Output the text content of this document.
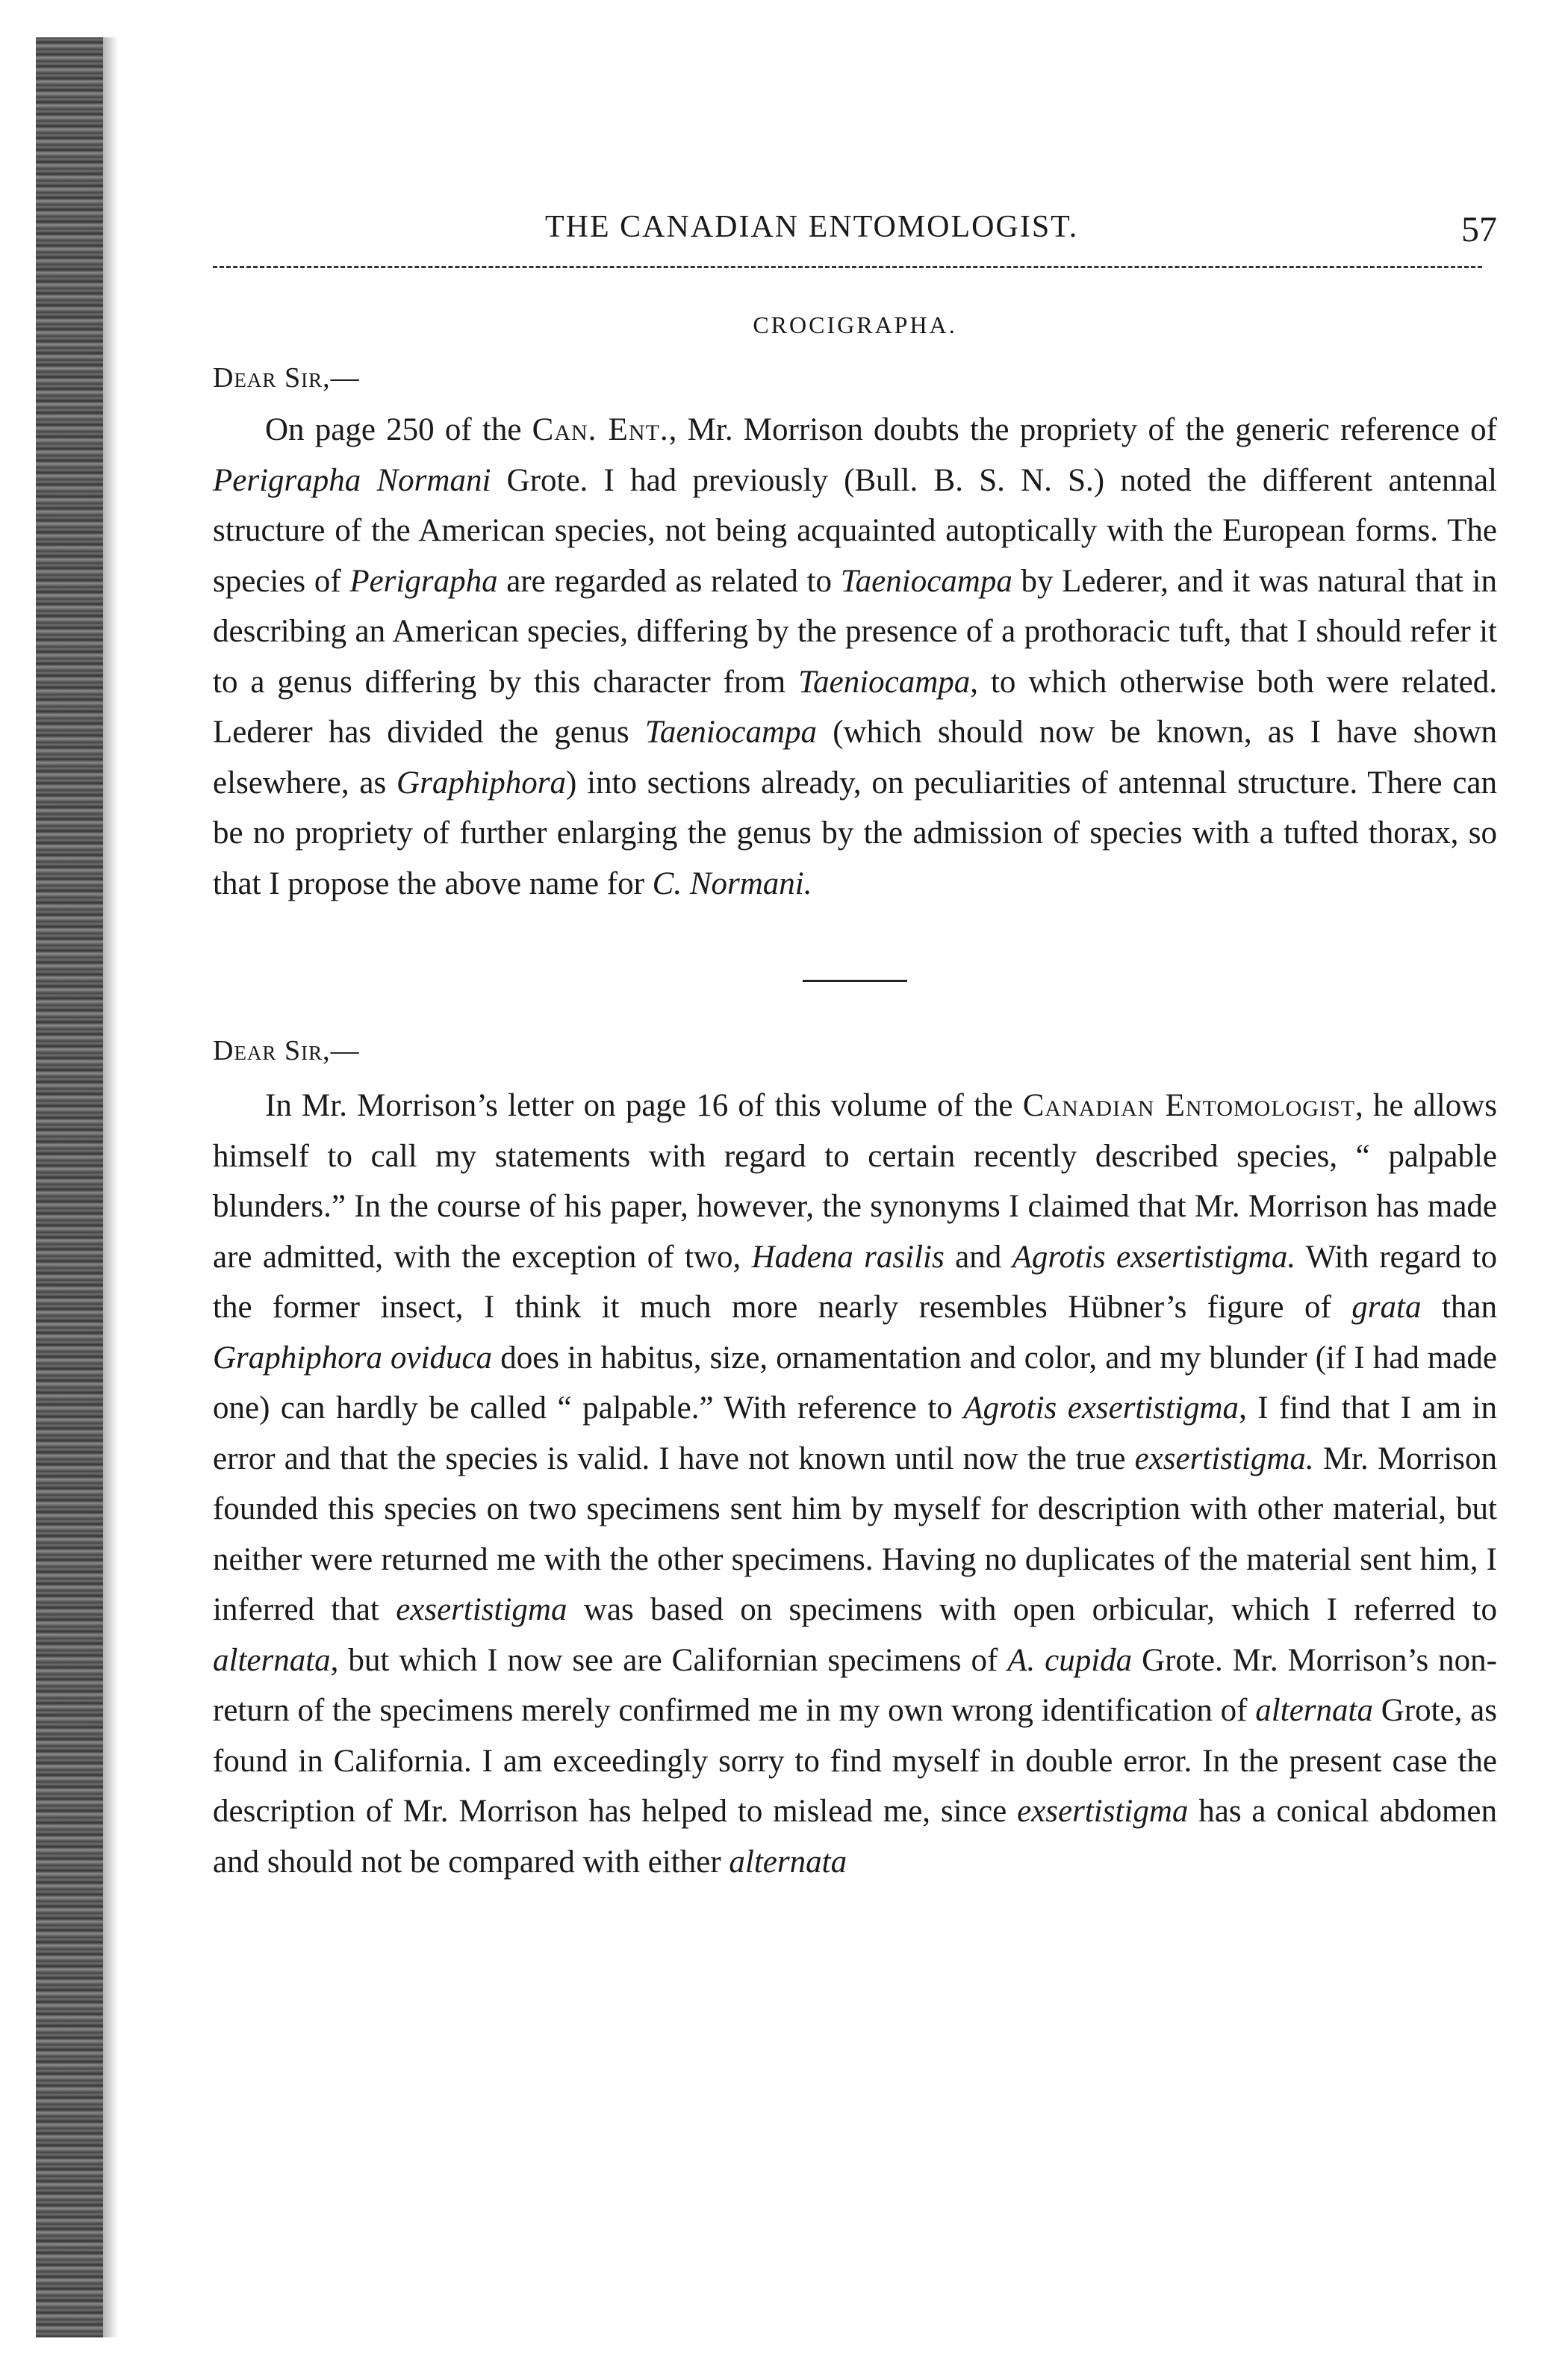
THE CANADIAN ENTOMOLOGIST.	57
CROCIGRAPHA.
Dear Sir,—

On page 250 of the Can. Ent., Mr. Morrison doubts the propriety of the generic reference of Perigrapha Normani Grote. I had previously (Bull. B. S. N. S.) noted the different antennal structure of the American species, not being acquainted autoptically with the European forms. The species of Perigrapha are regarded as related to Taeniocampa by Lederer, and it was natural that in describing an American species, differing by the presence of a prothoracic tuft, that I should refer it to a genus differing by this character from Taeniocampa, to which otherwise both were related. Lederer has divided the genus Taeniocampa (which should now be known, as I have shown elsewhere, as Graphiphora) into sections already, on peculiarities of antennal structure. There can be no propriety of further enlarging the genus by the admission of species with a tufted thorax, so that I propose the above name for C. Normani.

Dear Sir,—

In Mr. Morrison’s letter on page 16 of this volume of the Canadian Entomologist, he allows himself to call my statements with regard to certain recently described species, “ palpable blunders.” In the course of his paper, however, the synonyms I claimed that Mr. Morrison has made are admitted, with the exception of two, Hadena rasilis and Agrotis exsertistigma. With regard to the former insect, I think it much more nearly resembles Hübner’s figure of grata than Graphiphora oviduca does in habitus, size, ornamentation and color, and my blunder (if I had made one) can hardly be called “ palpable.” With reference to Agrotis exsertistigma, I find that I am in error and that the species is valid. I have not known until now the true exsertistigma. Mr. Morrison founded this species on two specimens sent him by myself for description with other material, but neither were returned me with the other specimens. Having no duplicates of the material sent him, I inferred that exsertistigma was based on specimens with open orbicular, which I referred to alternata, but which I now see are Californian specimens of A. cupida Grote. Mr. Morrison’s non-return of the specimens merely confirmed me in my own wrong identification of alternata Grote, as found in California. I am exceedingly sorry to find myself in double error. In the present case the description of Mr. Morrison has helped to mislead me, since exsertistigma has a conical abdomen and should not be compared with either alternata
